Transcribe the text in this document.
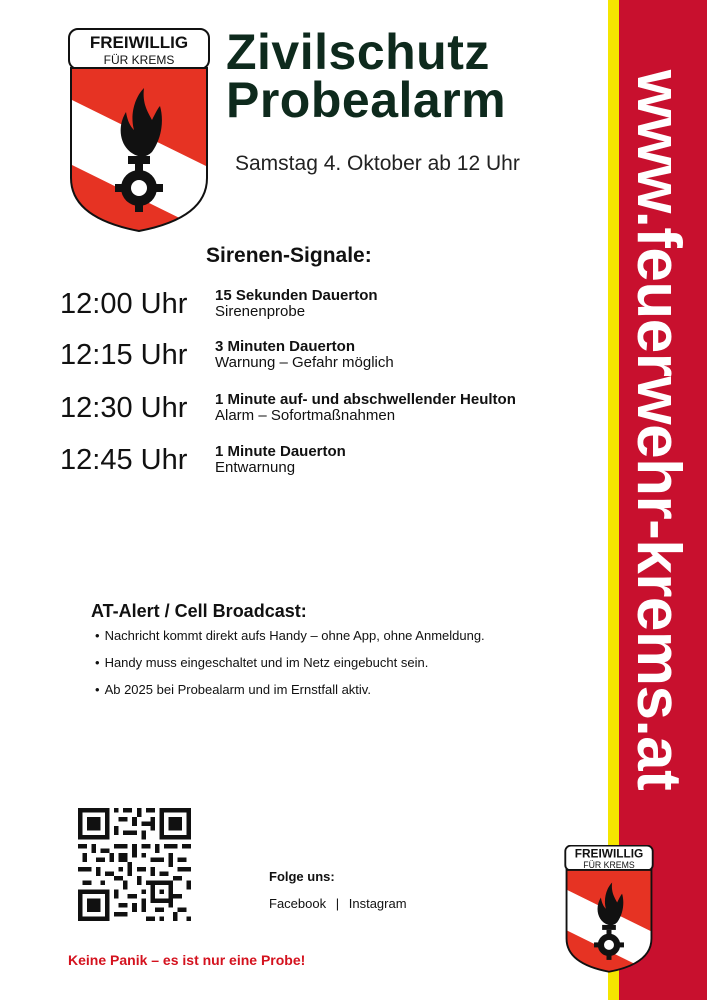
www.feuerwehr-krems.at
FREIWILLIG
FÜR KREMS Zivilschutz
Probealarm
Samstag 4. Oktober ab 12 Uhr
Sirenen-Signale:
12:00 Uhr 15 Sekunden Dauerton
Sirenenprobe
12:15 Uhr 3 Minuten Dauerton
Warnung – Gefahr möglich
12:30 Uhr 1 Minute auf- und abschwellender Heulton
Alarm – Sofortmaßnahmen
12:45 Uhr 1 Minute Dauerton
Entwarnung
AT-Alert / Cell Broadcast:
• Nachricht kommt direkt aufs Handy – ohne App, ohne Anmeldung.
• Handy muss eingeschaltet und im Netz eingebucht sein.
• Ab 2025 bei Probealarm und im Ernstfall aktiv.
Folge uns:
Facebook | Instagram
Keine Panik – es ist nur eine Probe!
FREIWILLIG
FÜR KREMS
